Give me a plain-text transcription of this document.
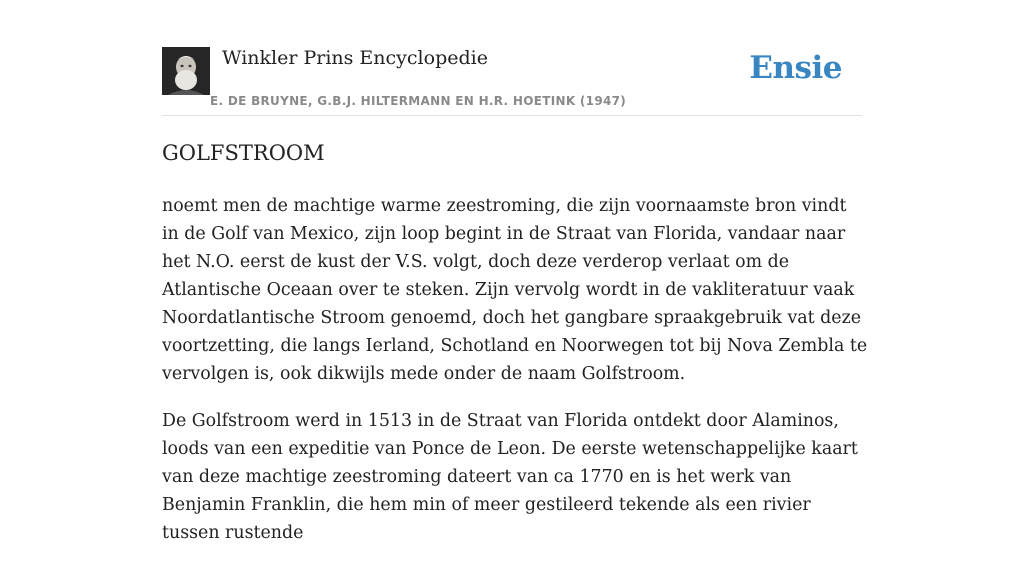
Winkler Prins Encyclopedie
E. DE BRUYNE, G.B.J. HILTERMANN EN H.R. HOETINK (1947)
Ensie
GOLFSTROOM

noemt men de machtige warme zeestroming, die zijn voornaamste bron vindt in de Golf van Mexico, zijn loop begint in de Straat van Florida, vandaar naar het N.O. eerst de kust der V.S. volgt, doch deze verderop verlaat om de Atlantische Oceaan over te steken. Zijn vervolg wordt in de vakliteratuur vaak Noordatlantische Stroom genoemd, doch het gangbare spraakgebruik vat deze voortzetting, die langs Ierland, Schotland en Noorwegen tot bij Nova Zembla te vervolgen is, ook dikwijls mede onder de naam Golfstroom.

De Golfstroom werd in 1513 in de Straat van Florida ontdekt door Alaminos, loods van een expeditie van Ponce de Leon. De eerste wetenschappelijke kaart van deze machtige zeestroming dateert van ca 1770 en is het werk van Benjamin Franklin, die hem min of meer gestileerd tekende als een rivier tussen rustende
